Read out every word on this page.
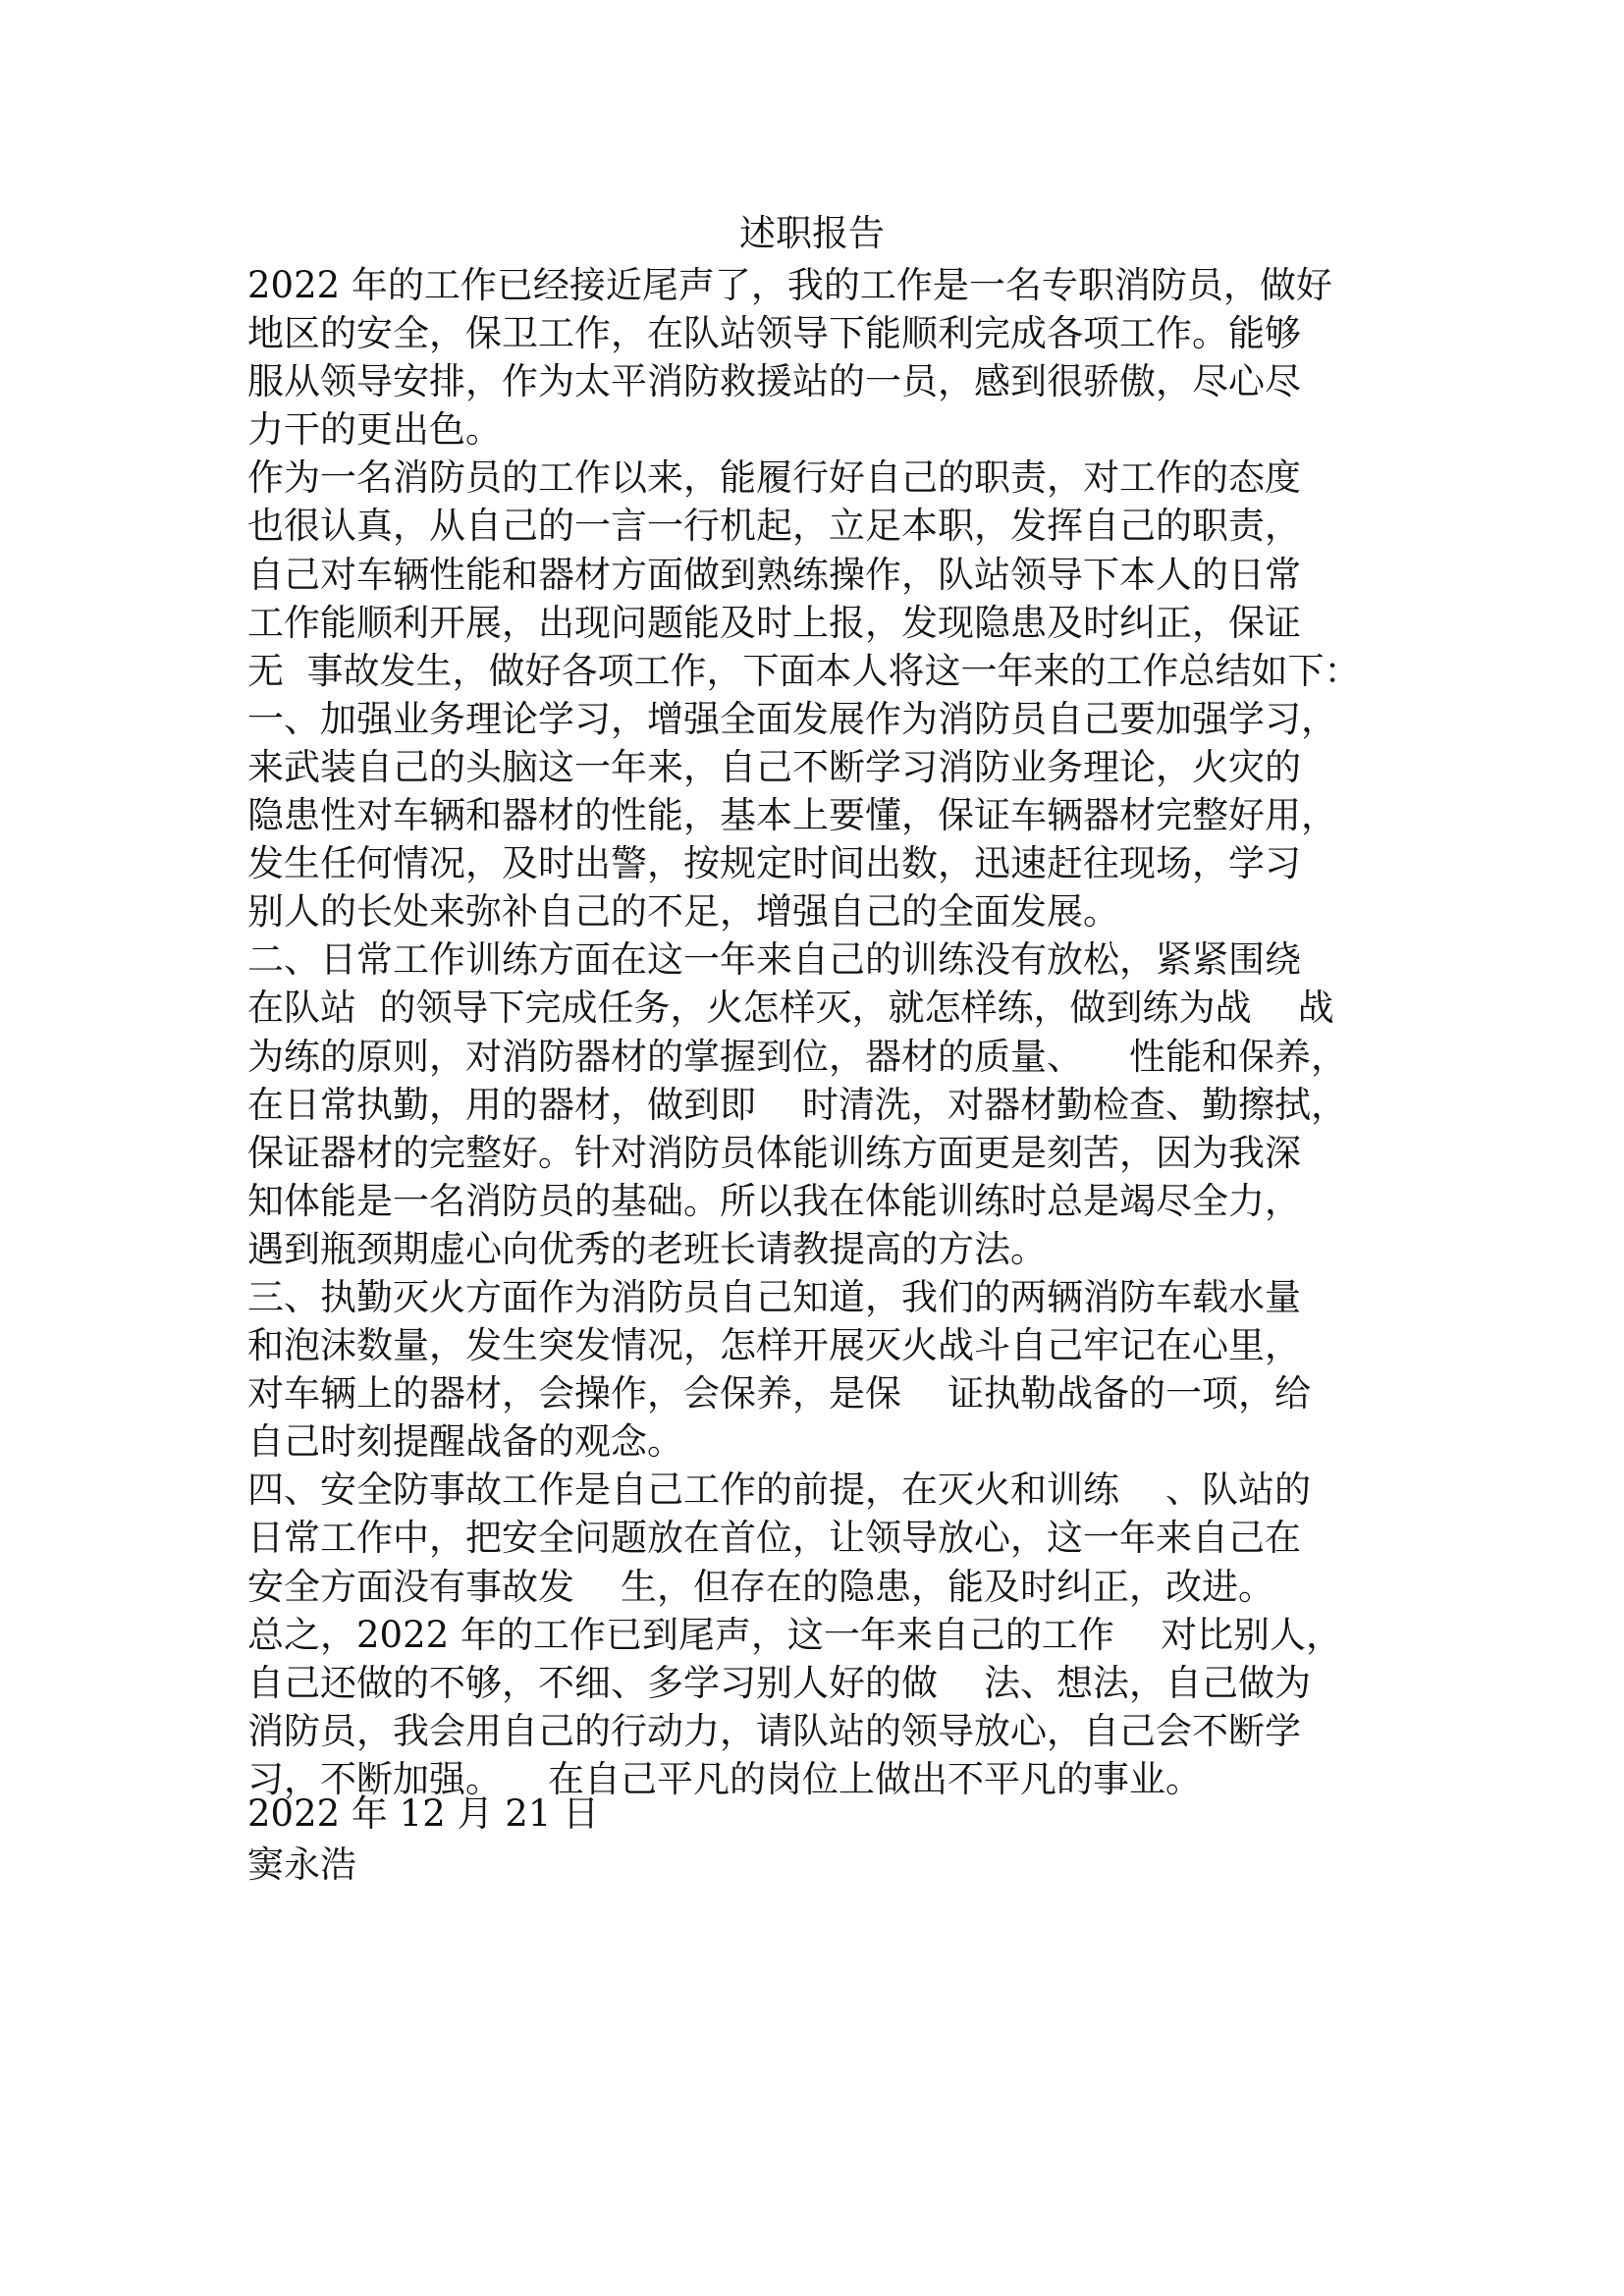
述职报告
2022 年的工作已经接近尾声了，我的工作是一名专职消防员，做好
地区的安全，保卫工作，在队站领导下能顺利完成各项工作。能够
服从领导安排，作为太平消防救援站的一员，感到很骄傲，尽心尽
力干的更出色。
作为一名消防员的工作以来，能履行好自己的职责，对工作的态度
也很认真，从自己的一言一行机起，立足本职，发挥自己的职责，
自己对车辆性能和器材方面做到熟练操作，队站领导下本人的日常
工作能顺利开展，出现问题能及时上报，发现隐患及时纠正，保证
无  事故发生，做好各项工作，下面本人将这一年来的工作总结如下：
一、加强业务理论学习，增强全面发展作为消防员自己要加强学习，
来武装自己的头脑这一年来，自己不断学习消防业务理论，火灾的
隐患性对车辆和器材的性能，基本上要懂，保证车辆器材完整好用，
发生任何情况，及时出警，按规定时间出数，迅速赶往现场，学习
别人的长处来弥补自己的不足，增强自己的全面发展。
二、日常工作训练方面在这一年来自己的训练没有放松，紧紧围绕
在队站  的领导下完成任务，火怎样灭，就怎样练，做到练为战    战
为练的原则，对消防器材的掌握到位，器材的质量、    性能和保养，
在日常执勤，用的器材，做到即    时清洗，对器材勤检查、勤擦拭，
保证器材的完整好。针对消防员体能训练方面更是刻苦，因为我深
知体能是一名消防员的基础。所以我在体能训练时总是竭尽全力，
遇到瓶颈期虚心向优秀的老班长请教提高的方法。
三、执勤灭火方面作为消防员自己知道，我们的两辆消防车载水量
和泡沫数量，发生突发情况，怎样开展灭火战斗自己牢记在心里，
对车辆上的器材，会操作，会保养，是保    证执勒战备的一项，给
自己时刻提醒战备的观念。
四、安全防事故工作是自己工作的前提，在灭火和训练    、队站的
日常工作中，把安全问题放在首位，让领导放心，这一年来自己在
安全方面没有事故发    生，但存在的隐患，能及时纠正，改进。
总之，2022 年的工作已到尾声，这一年来自己的工作    对比别人，
自己还做的不够，不细、多学习别人好的做    法、想法，自己做为
消防员，我会用自己的行动力，请队站的领导放心，自己会不断学
习，不断加强。    在自己平凡的岗位上做出不平凡的事业。
2022 年 12 月 21 日
窦永浩
